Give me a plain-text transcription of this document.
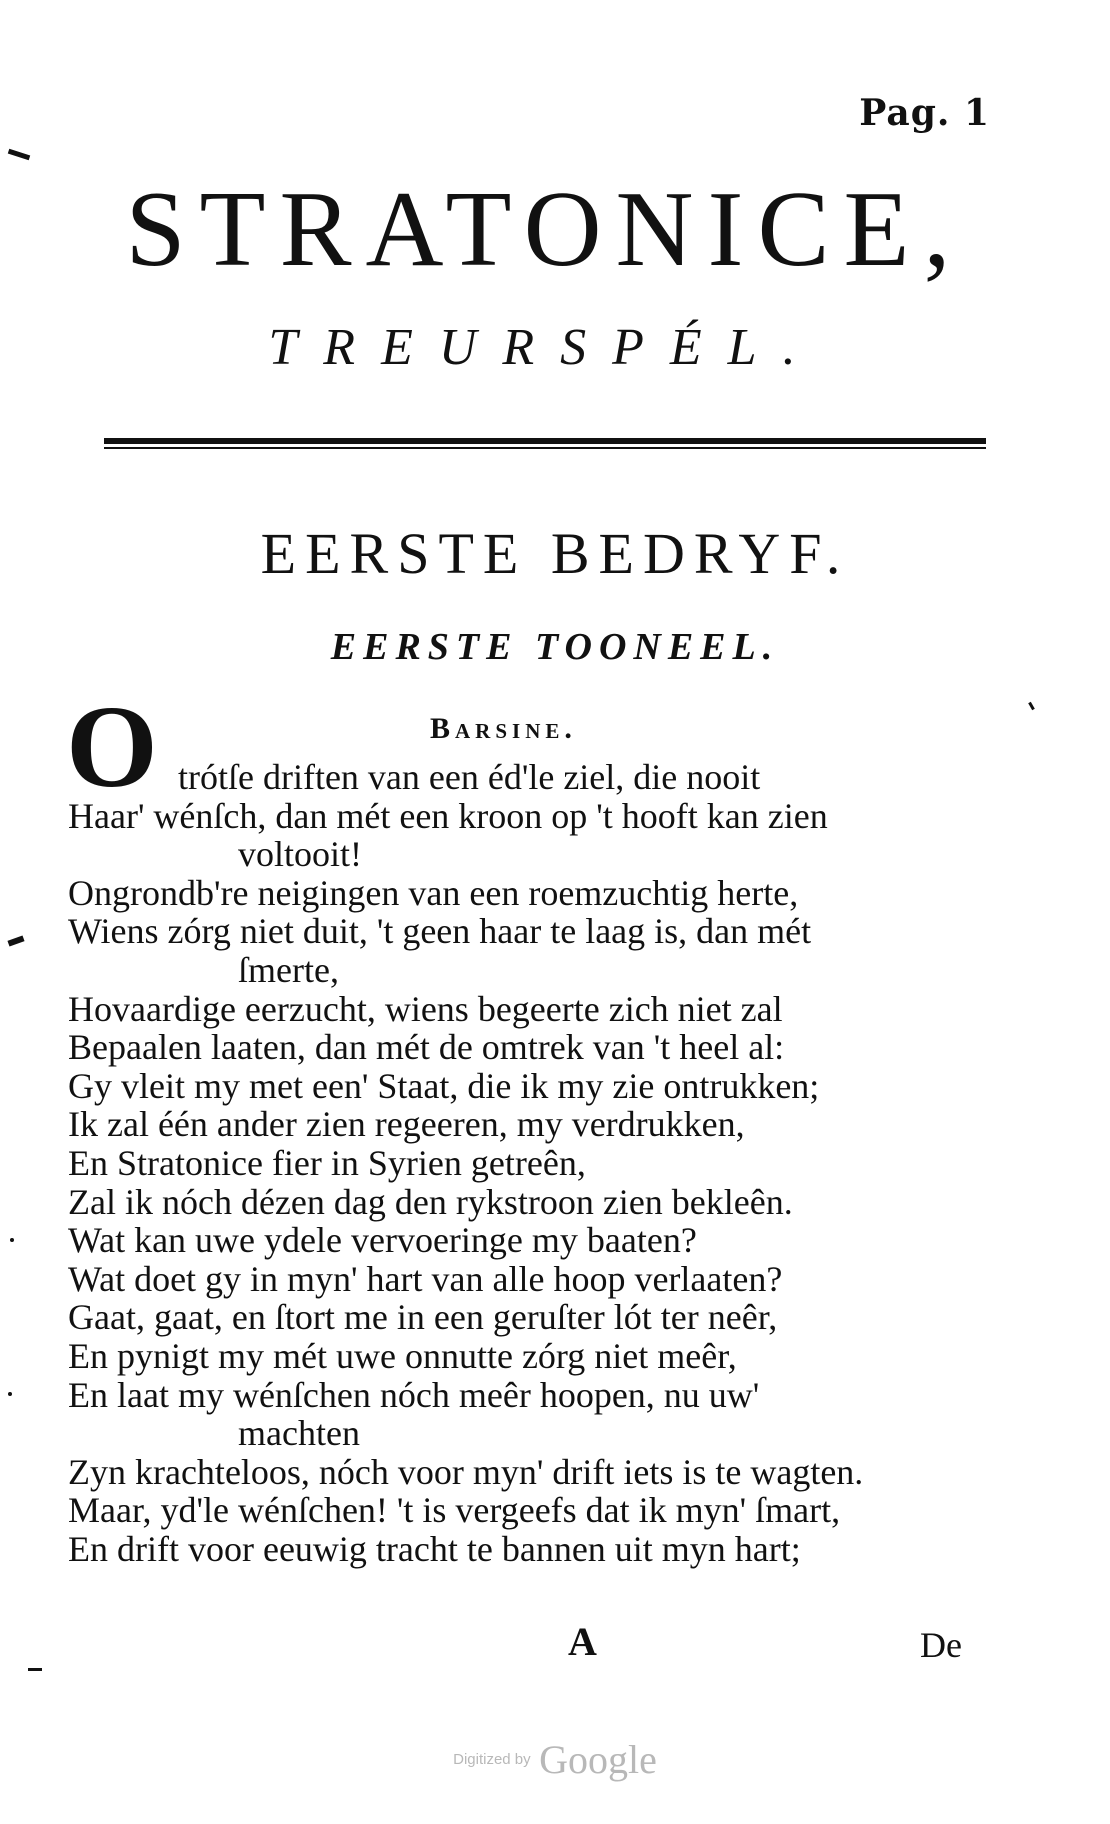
Pag. 1
STRATONICE,
TREURSPÉL.
EERSTE BEDRYF.
EERSTE TOONEEL.
Barsine.
O trótſe driften van een éd'le ziel, die nooit
Haar' wénſch, dan mét een kroon op 't hooft kan zien
voltooit!
Ongrondb're neigingen van een roemzuchtig herte,
Wiens zórg niet duit, 't geen haar te laag is, dan mét
ſmerte,
Hovaardige eerzucht, wiens begeerte zich niet zal
Bepaalen laaten, dan mét de omtrek van 't heel al:
Gy vleit my met een' Staat, die ik my zie ontrukken;
Ik zal één ander zien regeeren, my verdrukken,
En Stratonice fier in Syrien getreên,
Zal ik nóch dézen dag den rykstroon zien bekleên.
Wat kan uwe ydele vervoeringe my baaten?
Wat doet gy in myn' hart van alle hoop verlaaten?
Gaat, gaat, en ſtort me in een geruſter lót ter neêr,
En pynigt my mét uwe onnutte zórg niet meêr,
En laat my wénſchen nóch meêr hoopen, nu uw'
machten
Zyn krachteloos, nóch voor myn' drift iets is te wagten.
Maar, yd'le wénſchen! 't is vergeefs dat ik myn' ſmart,
En drift voor eeuwig tracht te bannen uit myn hart;
A	De
Digitized by Google
